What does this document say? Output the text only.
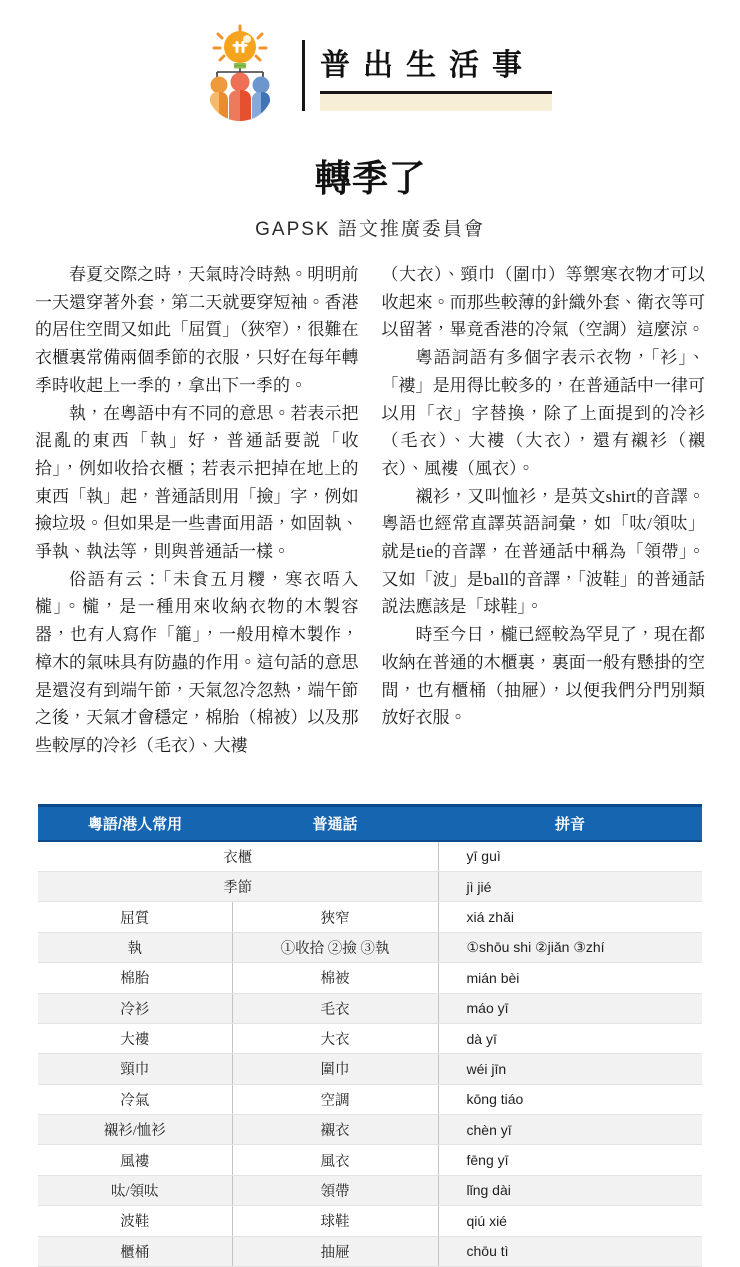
普出生活事
轉季了
GAPSK 語文推廣委員會

春夏交際之時，天氣時冷時熱。明明前一天還穿著外套，第二天就要穿短袖。香港的居住空間又如此「屈質」（狹窄），很難在衣櫃裏常備兩個季節的衣服，只好在每年轉季時收起上一季的，拿出下一季的。

執，在粵語中有不同的意思。若表示把混亂的東西「執」好，普通話要説「收拾」，例如收拾衣櫃；若表示把掉在地上的東西「執」起，普通話則用「撿」字，例如撿垃圾。但如果是一些書面用語，如固執、爭執、執法等，則與普通話一樣。

俗語有云：「未食五月糭，寒衣唔入櫳」。櫳，是一種用來收納衣物的木製容器，也有人寫作「籠」，一般用樟木製作，樟木的氣味具有防蟲的作用。這句話的意思是還沒有到端午節，天氣忽冷忽熱，端午節之後，天氣才會穩定，棉胎（棉被）以及那些較厚的冷衫（毛衣）、大褸

（大衣）、頸巾（圍巾）等禦寒衣物才可以收起來。而那些較薄的針織外套、衛衣等可以留著，畢竟香港的冷氣（空調）這麼涼。

粵語詞語有多個字表示衣物，「衫」、「褸」是用得比較多的，在普通話中一律可以用「衣」字替換，除了上面提到的冷衫（毛衣）、大褸（大衣），還有襯衫（襯衣）、風褸（風衣）。

襯衫，又叫恤衫，是英文shirt的音譯。粵語也經常直譯英語詞彙，如「呔/領呔」就是tie的音譯，在普通話中稱為「領帶」。又如「波」是ball的音譯，「波鞋」的普通話説法應該是「球鞋」。

時至今日，櫳已經較為罕見了，現在都收納在普通的木櫃裏，裏面一般有懸掛的空間，也有櫃桶（抽屜），以便我們分門別類放好衣服。

粵語/港人常用	普通話	拼音
衣櫃		yī guì
季節		jì jié
屈質	狹窄	xiá zhǎi
執	①收拾 ②撿 ③執	①shōu shi ②jiǎn ③zhí
棉胎	棉被	mián bèi
冷衫	毛衣	máo yī
大褸	大衣	dà yī
頸巾	圍巾	wéi jīn
冷氣	空調	kōng tiáo
襯衫/恤衫	襯衣	chèn yī
風褸	風衣	fēng yī
呔/領呔	領帶	lǐng dài
波鞋	球鞋	qiú xié
櫃桶	抽屜	chōu tì
